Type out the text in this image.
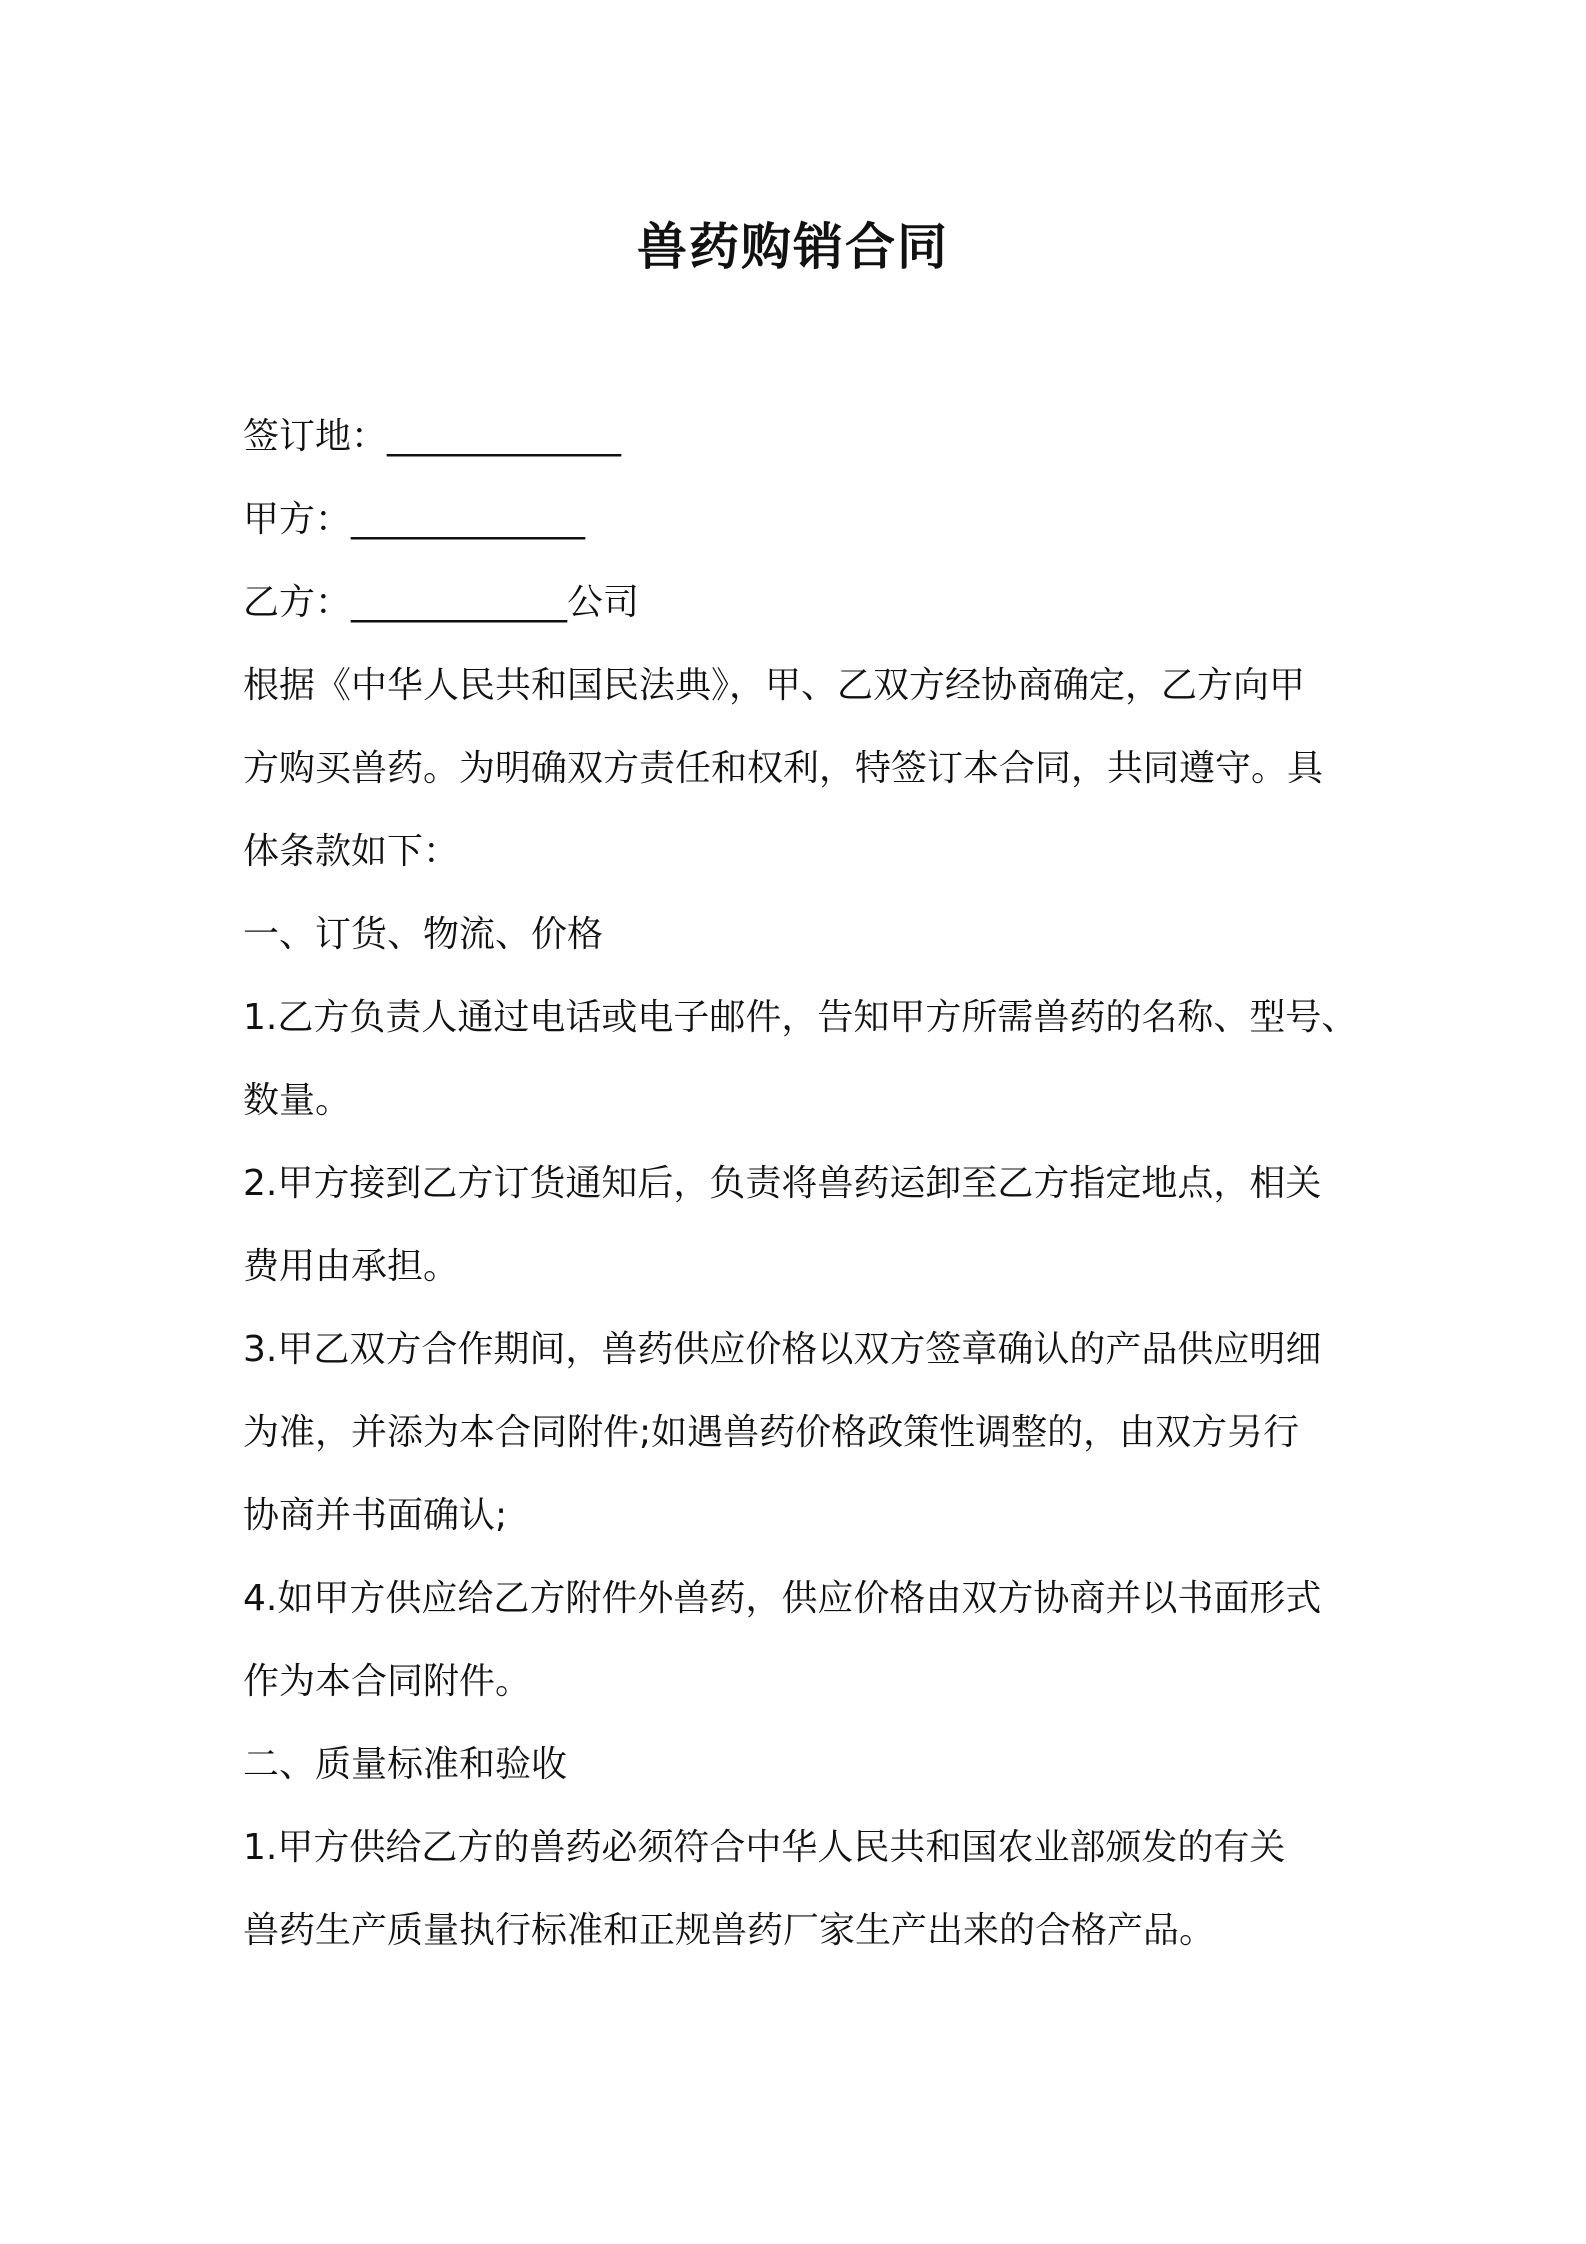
兽药购销合同
签订地：_____________
甲方：_____________
乙方：____________公司
根据《中华人民共和国民法典》，甲、乙双方经协商确定，乙方向甲
方购买兽药。为明确双方责任和权利，特签订本合同，共同遵守。具
体条款如下：
一、订货、物流、价格
1.乙方负责人通过电话或电子邮件，告知甲方所需兽药的名称、型号、
数量。
2.甲方接到乙方订货通知后，负责将兽药运卸至乙方指定地点，相关
费用由承担。
3.甲乙双方合作期间，兽药供应价格以双方签章确认的产品供应明细
为准，并添为本合同附件;如遇兽药价格政策性调整的，由双方另行
协商并书面确认;
4.如甲方供应给乙方附件外兽药，供应价格由双方协商并以书面形式
作为本合同附件。
二、质量标准和验收
1.甲方供给乙方的兽药必须符合中华人民共和国农业部颁发的有关
兽药生产质量执行标准和正规兽药厂家生产出来的合格产品。
